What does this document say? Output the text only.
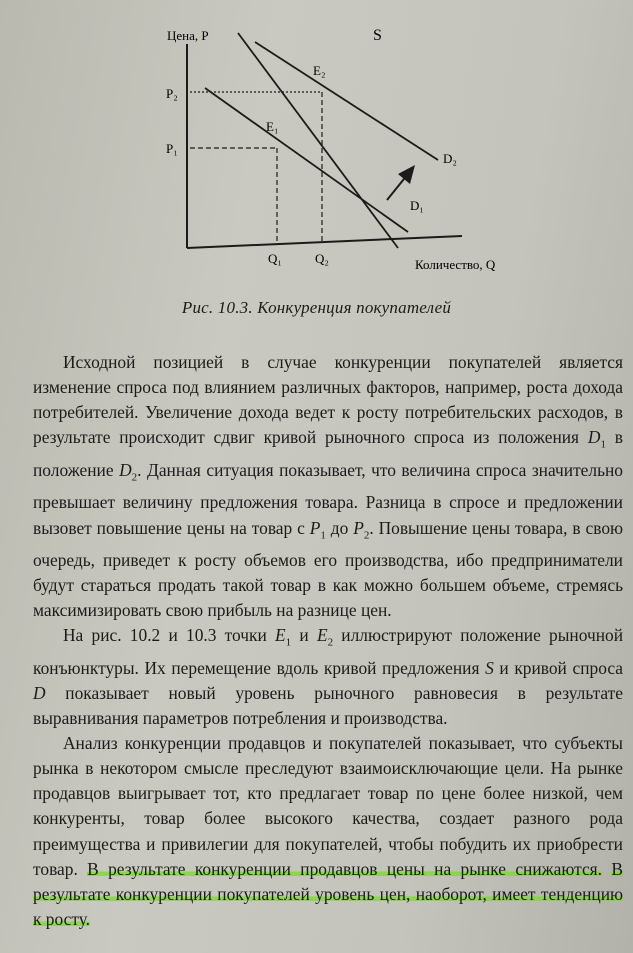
Цена, P
Количество, Q
S
D₂
D₁
E₂
E₁
P₂
P₁
Q₁	Q₂
Рис. 10.3. Конкуренция покупателей

Исходной позицией в случае конкуренции покупателей является изменение спроса под влиянием различных факторов, например, роста дохода потребителей. Увеличение дохода ведет к росту потребительских расходов, в результате происходит сдвиг кривой рыночного спроса из положения $D_1$ в положение $D_2$. Данная ситуация показывает, что величина спроса значительно превышает величину предложения товара. Разница в спросе и предложении вызовет повышение цены на товар с $P_1$ до $P_2$. Повышение цены товара, в свою очередь, приведет к росту объемов его производства, ибо предприниматели будут стараться продать такой товар в как можно большем объеме, стремясь максимизировать свою прибыль на разнице цен.

На рис. 10.2 и 10.3 точки $E_1$ и $E_2$ иллюстрируют положение рыночной конъюнктуры. Их перемещение вдоль кривой предложения S и кривой спроса D показывает новый уровень рыночного равновесия в результате выравнивания параметров потребления и производства.

Анализ конкуренции продавцов и покупателей показывает, что субъекты рынка в некотором смысле преследуют взаимоисключающие цели. На рынке продавцов выигрывает тот, кто предлагает товар по цене более низкой, чем конкуренты, товар более высокого качества, создает разного рода преимущества и привилегии для покупателей, чтобы побудить их приобрести товар. В результате конкуренции продавцов цены на рынке снижаются. В результате конкуренции покупателей уровень цен, наоборот, имеет тенденцию к росту.
